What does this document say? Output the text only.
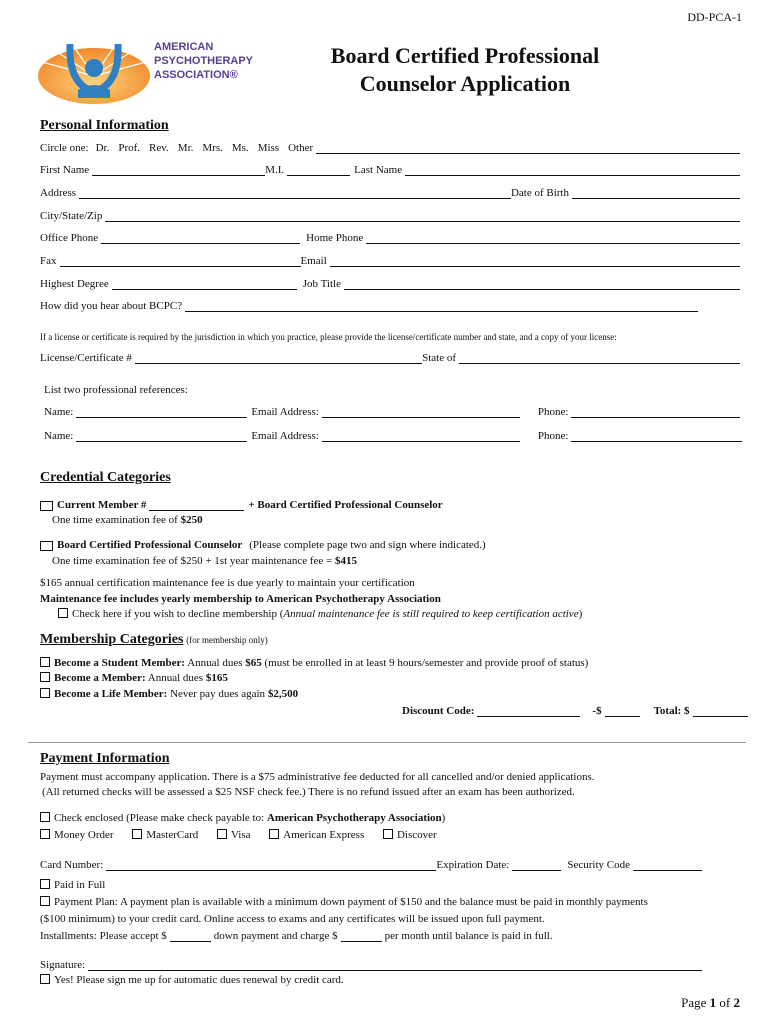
DD-PCA-1
AMERICAN
PSYCHOTHERAPY
ASSOCIATION®
Board Certified Professional
Counselor Application
Personal Information
Circle one: Dr. Prof. Rev. Mr. Mrs. Ms. Miss Other
First Name	M.I.	Last Name
Address	Date of Birth
City/State/Zip
Office Phone	Home Phone
Fax	Email
Highest Degree	Job Title
How did you hear about BCPC?
If a license or certificate is required by the jurisdiction in which you practice, please provide the license/certificate number and state, and a copy of your license:
License/Certificate #	State of
List two professional references:
Name:	Email Address:	Phone:
Name:	Email Address:	Phone:
Credential Categories
Current Member #	+ Board Certified Professional Counselor
One time examination fee of $250
Board Certified Professional Counselor (Please complete page two and sign where indicated.)
One time examination fee of $250 + 1st year maintenance fee = $415
$165 annual certification maintenance fee is due yearly to maintain your certification
Maintenance fee includes yearly membership to American Psychotherapy Association
Check here if you wish to decline membership (Annual maintenance fee is still required to keep certification active)
Membership Categories (for membership only)
Become a Student Member: Annual dues $65 (must be enrolled in at least 9 hours/semester and provide proof of status)
Become a Member: Annual dues $165
Become a Life Member: Never pay dues again $2,500
Discount Code:	-$	Total: $
Payment Information
Payment must accompany application. There is a $75 administrative fee deducted for all cancelled and/or denied applications.
(All returned checks will be assessed a $25 NSF check fee.) There is no refund issued after an exam has been authorized.
Check enclosed (Please make check payable to: American Psychotherapy Association)
Money Order	MasterCard	Visa	American Express	Discover
Card Number:	Expiration Date:	Security Code
Paid in Full
Payment Plan: A payment plan is available with a minimum down payment of $150 and the balance must be paid in monthly payments
($100 minimum) to your credit card. Online access to exams and any certificates will be issued upon full payment.
Installments: Please accept $	down payment and charge $	per month until balance is paid in full.
Signature:
Yes! Please sign me up for automatic dues renewal by credit card.
Page 1 of 2
